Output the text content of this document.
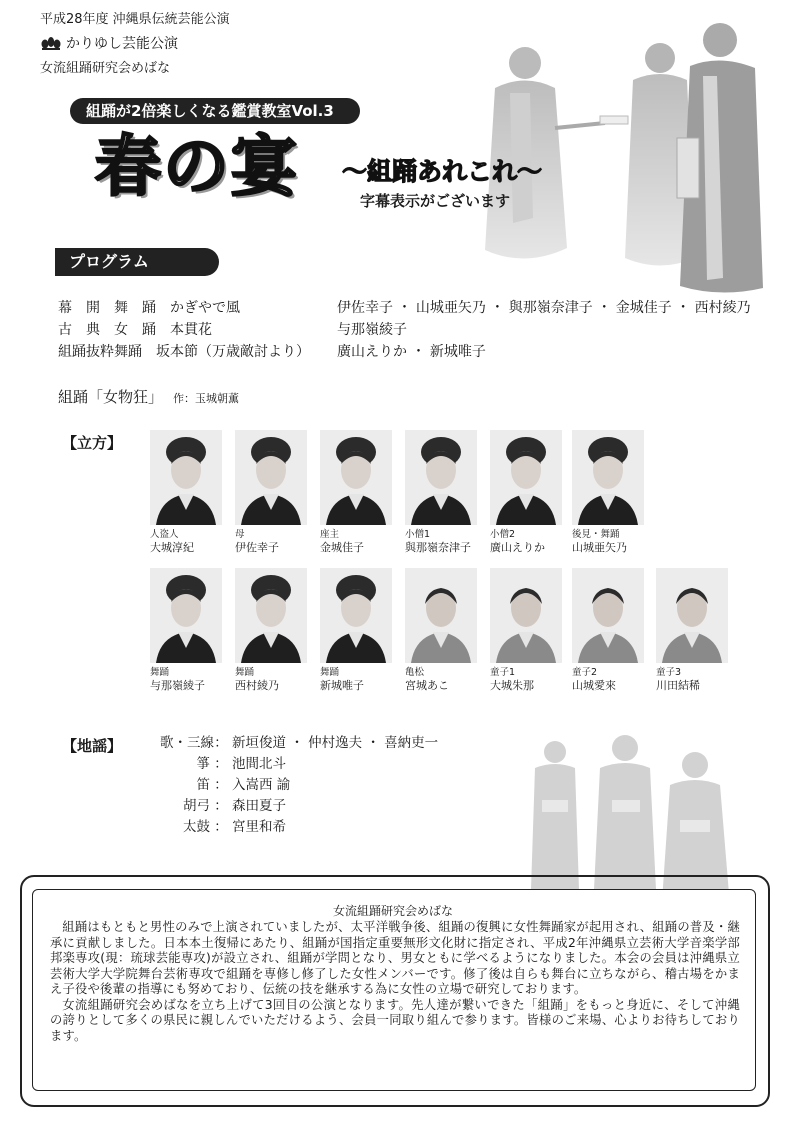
平成28年度 沖縄県伝統芸能公演
かりゆし芸能公演
女流組踊研究会めばな
組踊が2倍楽しくなる鑑賞教室Vol.3
春の宴 〜組踊あれこれ〜
字幕表示がございます
プログラム
幕　開　舞　踊　かぎやで風
古　典　女　踊　本貫花
組踊抜粋舞踊　坂本節（万歳敵討より）
伊佐幸子 ・ 山城亜矢乃 ・ 與那嶺奈津子 ・ 金城佳子 ・ 西村綾乃
与那嶺綾子
廣山えりか ・ 新城唯子
組踊「女物狂」 作：玉城朝薫
【立方】
人盗人
大城淳紀
母
伊佐幸子
座主
金城佳子
小僧1
與那嶺奈津子
小僧2
廣山えりか
後見・舞踊
山城亜矢乃
舞踊
与那嶺綾子
舞踊
西村綾乃
舞踊
新城唯子
亀松
宮城あこ
童子1
大城朱那
童子2
山城愛來
童子3
川田結稀
【地謡】	歌・三線： 新垣俊道 ・ 仲村逸夫 ・ 喜納吏一
箏 ： 池間北斗
笛 ： 入嵩西 諭
胡弓 ： 森田夏子
太鼓 ： 宮里和希
女流組踊研究会めばな

組踊はもともと男性のみで上演されていましたが、太平洋戦争後、組踊の復興に女性舞踊家が起用され、組踊の普及・継承に貢献しました。日本本土復帰にあたり、組踊が国指定重要無形文化財に指定され、平成2年沖縄県立芸術大学音楽学部邦楽専攻(現：琉球芸能専攻)が設立され、組踊が学問となり、男女ともに学べるようになりました。本会の会員は沖縄県立芸術大学大学院舞台芸術専攻で組踊を専修し修了した女性メンバーです。修了後は自らも舞台に立ちながら、稽古場をかまえ子役や後輩の指導にも努めており、伝統の技を継承する為に女性の立場で研究しております。

女流組踊研究会めばなを立ち上げて3回目の公演となります。先人達が繋いできた「組踊」をもっと身近に、そして沖縄の誇りとして多くの県民に親しんでいただけるよう、会員一同取り組んで参ります。皆様のご来場、心よりお待ちしております。
